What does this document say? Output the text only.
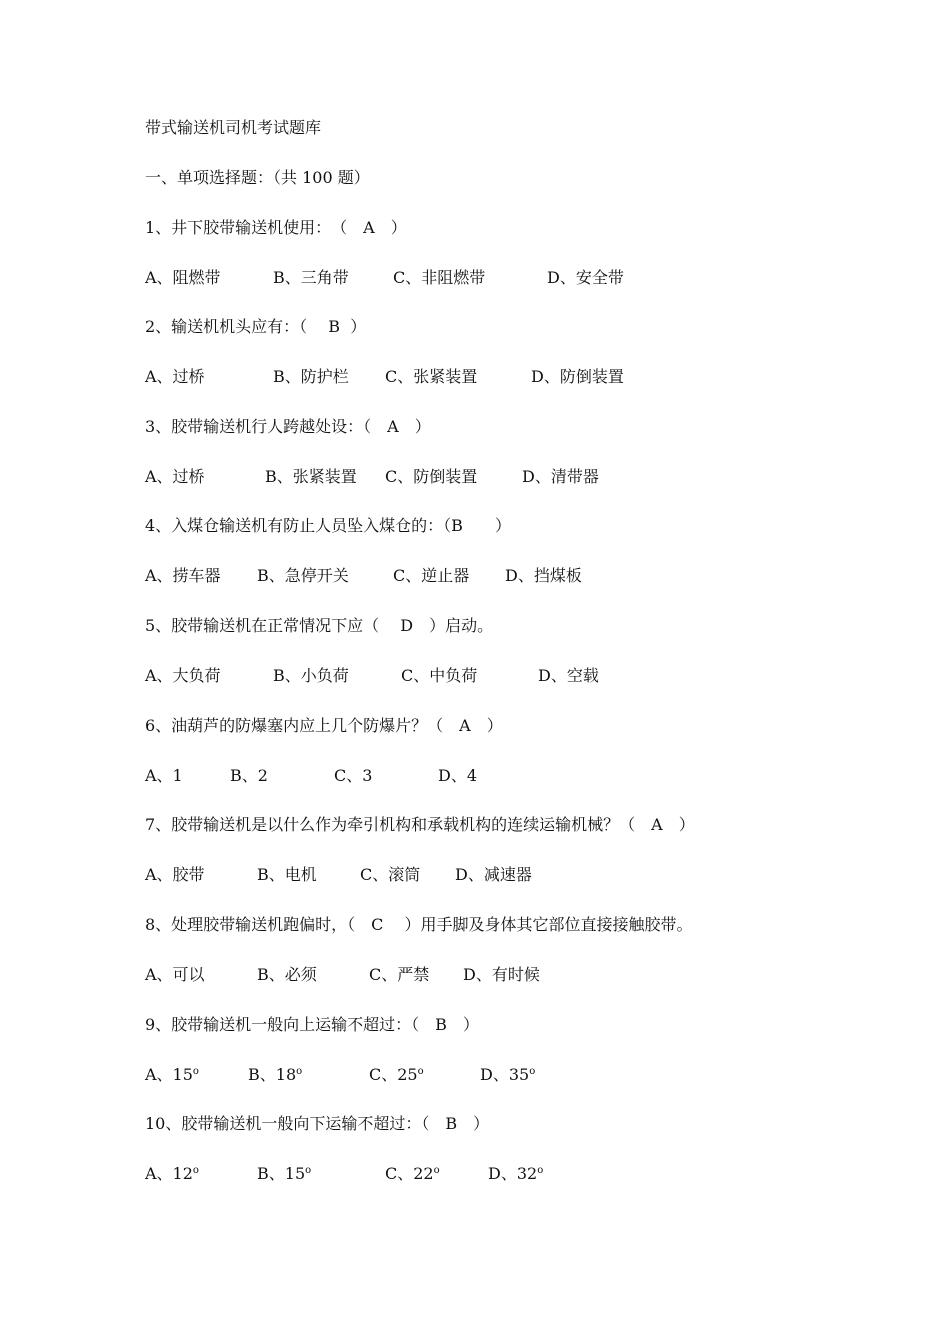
带式输送机司机考试题库
一、单项选择题：（共 100 题）
1、井下胶带输送机使用：　（　A　）
A、阻燃带	B、三角带	C、非阻燃带	D、安全带
2、输送机机头应有：（　 B  ）
A、过桥	B、防护栏 C、张紧装置	D、防倒装置
3、胶带输送机行人跨越处设：（　A　）
A、过桥	B、张紧装置 C、防倒装置	D、清带器
4、入煤仓输送机有防止人员坠入煤仓的：（B　　）
A、捞车器 B、急停开关	C、逆止器 D、挡煤板
5、胶带输送机在正常情况下应（　 D　）启动。
A、大负荷	B、小负荷	C、中负荷	D、空载
6、油葫芦的防爆塞内应上几个防爆片？（　A　）
A、1	B、2	C、3	D、4
7、胶带输送机是以什么作为牵引机构和承载机构的连续运输机械？（　A　）
A、胶带	B、电机	C、滚筒 D、减速器
8、处理胶带输送机跑偏时，（　C　 ）用手脚及身体其它部位直接接触胶带。
A、可以	B、必须	C、严禁 D、有时候
9、胶带输送机一般向上运输不超过：（　B　）
A、15$^o$	B、18$^o$	C、25$^o$	D、35$^o$
10、胶带输送机一般向下运输不超过：（　B　）
A、12$^o$	B、15$^o$	C、22$^o$	D、32$^o$
